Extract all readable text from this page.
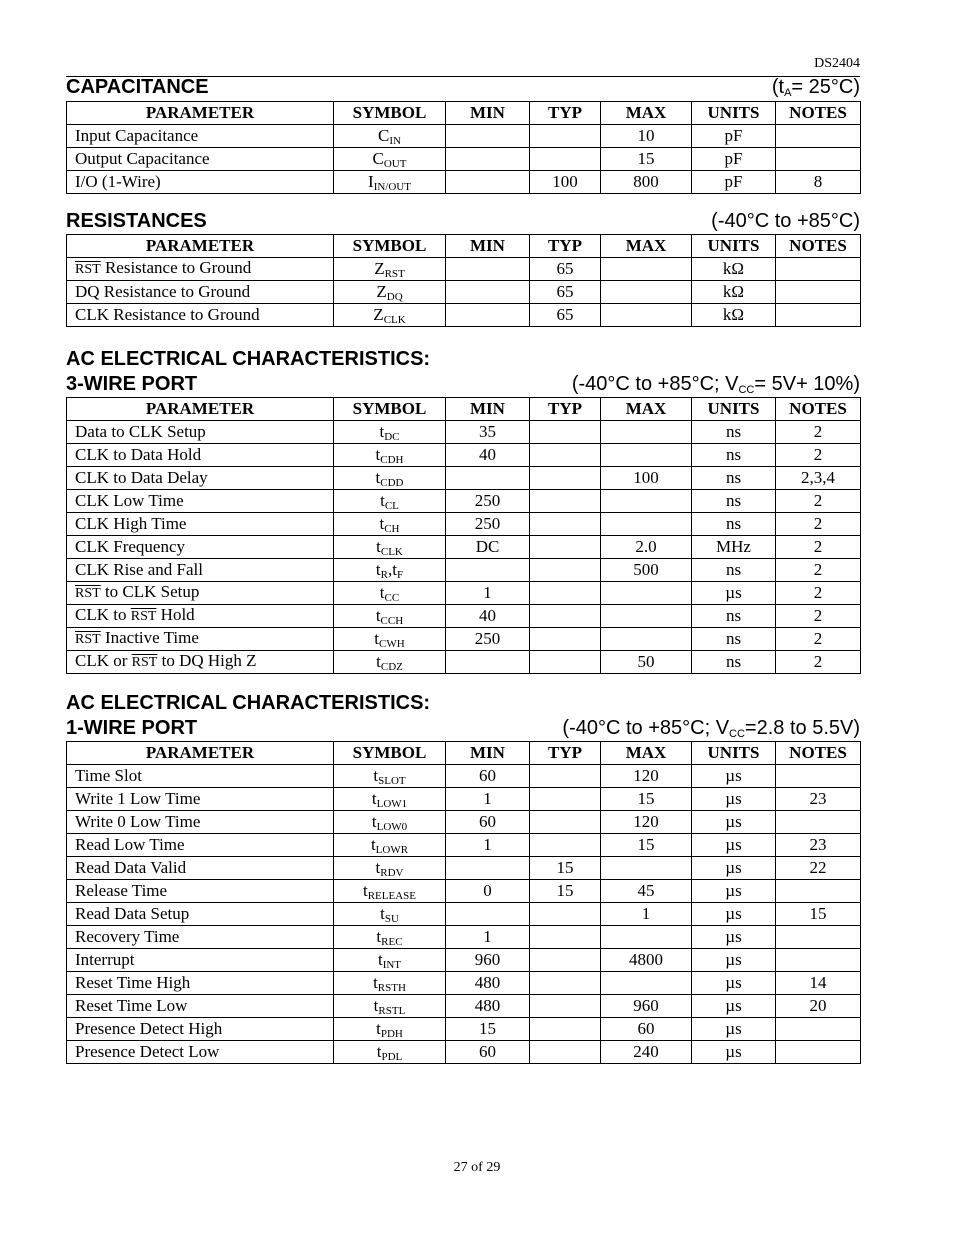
DS2404
CAPACITANCE	$(t_A= 25^\circ C)$
PARAMETER	SYMBOL	MIN	TYP	MAX	UNITS	NOTES
Input Capacitance	$C_{IN}$			10	pF	
Output Capacitance	$C_{OUT}$			15	pF	
I/O (1-Wire)	$I_{IN/OUT}$		100	800	pF	8
RESISTANCES	(-40°C to +85°C)
PARAMETER	SYMBOL	MIN	TYP	MAX	UNITS	NOTES
$\overline{RST}$ Resistance to Ground	$Z_{RST}$		65		kΩ	
DQ Resistance to Ground	$Z_{DQ}$		65		kΩ	
CLK Resistance to Ground	$Z_{CLK}$		65		kΩ	
AC ELECTRICAL CHARACTERISTICS:
3-WIRE PORT	(-40°C to +85°C; $V_{CC}= 5V+ 10\%$)
PARAMETER	SYMBOL	MIN	TYP	MAX	UNITS	NOTES
Data to CLK Setup	$t_{DC}$	35			ns	2
CLK to Data Hold	$t_{CDH}$	40			ns	2
CLK to Data Delay	$t_{CDD}$			100	ns	2,3,4
CLK Low Time	$t_{CL}$	250			ns	2
CLK High Time	$t_{CH}$	250			ns	2
CLK Frequency	$t_{CLK}$	DC		2.0	MHz	2
CLK Rise and Fall	$t_R,t_F$			500	ns	2
$\overline{RST}$ to CLK Setup	$t_{CC}$	1			µs	2
CLK to $\overline{RST}$ Hold	$t_{CCH}$	40			ns	2
$\overline{RST}$ Inactive Time	$t_{CWH}$	250			ns	2
CLK or $\overline{RST}$ to DQ High Z	$t_{CDZ}$			50	ns	2
AC ELECTRICAL CHARACTERISTICS:
1-WIRE PORT	(-40°C to +85°C; $V_{CC}=2.8$ to 5.5V)
PARAMETER	SYMBOL	MIN	TYP	MAX	UNITS	NOTES
Time Slot	$t_{SLOT}$	60		120	µs	
Write 1 Low Time	$t_{LOW1}$	1		15	µs	23
Write 0 Low Time	$t_{LOW0}$	60		120	µs	
Read Low Time	$t_{LOWR}$	1		15	µs	23
Read Data Valid	$t_{RDV}$		15		µs	22
Release Time	$t_{RELEASE}$	0	15	45	µs	
Read Data Setup	$t_{SU}$			1	µs	15
Recovery Time	$t_{REC}$	1			µs	
Interrupt	$t_{INT}$	960		4800	µs	
Reset Time High	$t_{RSTH}$	480			µs	14
Reset Time Low	$t_{RSTL}$	480		960	µs	20
Presence Detect High	$t_{PDH}$	15		60	µs	
Presence Detect Low	$t_{PDL}$	60		240	µs	
27 of 29
